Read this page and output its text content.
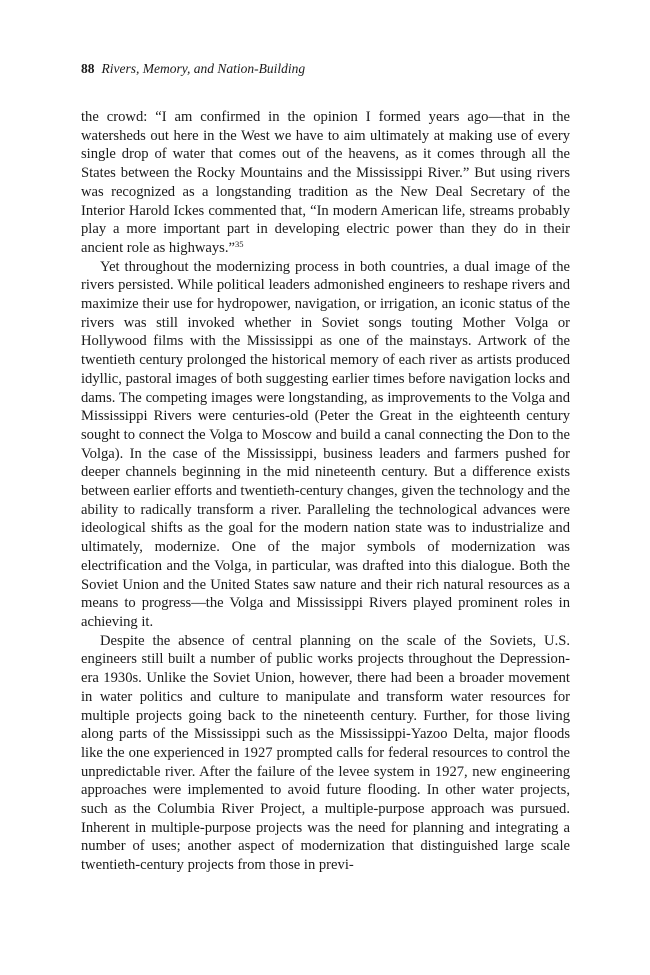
88 Rivers, Memory, and Nation-Building

the crowd: “I am confirmed in the opinion I formed years ago—that in the watersheds out here in the West we have to aim ultimately at making use of every single drop of water that comes out of the heavens, as it comes through all the States between the Rocky Mountains and the Mississippi River.” But using rivers was recognized as a longstanding tradition as the New Deal Secretary of the Interior Harold Ickes commented that, “In modern American life, streams probably play a more important part in developing electric power than they do in their ancient role as highways.”$^{35}$

Yet throughout the modernizing process in both countries, a dual image of the rivers persisted. While political leaders admonished engineers to reshape rivers and maximize their use for hydropower, navigation, or irrigation, an iconic status of the rivers was still invoked whether in Soviet songs touting Mother Volga or Hollywood films with the Mississippi as one of the mainstays. Artwork of the twentieth century prolonged the historical memory of each river as artists produced idyllic, pastoral images of both suggesting earlier times before navigation locks and dams. The competing images were longstanding, as improvements to the Volga and Mississippi Rivers were centuries-old (Peter the Great in the eighteenth century sought to connect the Volga to Moscow and build a canal connecting the Don to the Volga). In the case of the Mississippi, business leaders and farmers pushed for deeper channels beginning in the mid nineteenth century. But a difference exists between earlier efforts and twentieth-century changes, given the technology and the ability to radically transform a river. Paralleling the technological advances were ideological shifts as the goal for the modern nation state was to industrialize and ultimately, modernize. One of the major symbols of modernization was electrification and the Volga, in particular, was drafted into this dialogue. Both the Soviet Union and the United States saw nature and their rich natural resources as a means to progress—the Volga and Mississippi Rivers played prominent roles in achieving it.

Despite the absence of central planning on the scale of the Soviets, U.S. engineers still built a number of public works projects throughout the Depression-era 1930s. Unlike the Soviet Union, however, there had been a broader movement in water politics and culture to manipulate and transform water resources for multiple projects going back to the nineteenth century. Further, for those living along parts of the Mississippi such as the Mississippi-Yazoo Delta, major floods like the one experienced in 1927 prompted calls for federal resources to control the unpredictable river. After the failure of the levee system in 1927, new engineering approaches were implemented to avoid future flooding. In other water projects, such as the Columbia River Project, a multiple-purpose approach was pursued. Inherent in multiple-purpose projects was the need for planning and integrating a number of uses; another aspect of modernization that distinguished large scale twentieth-century projects from those in previ-
